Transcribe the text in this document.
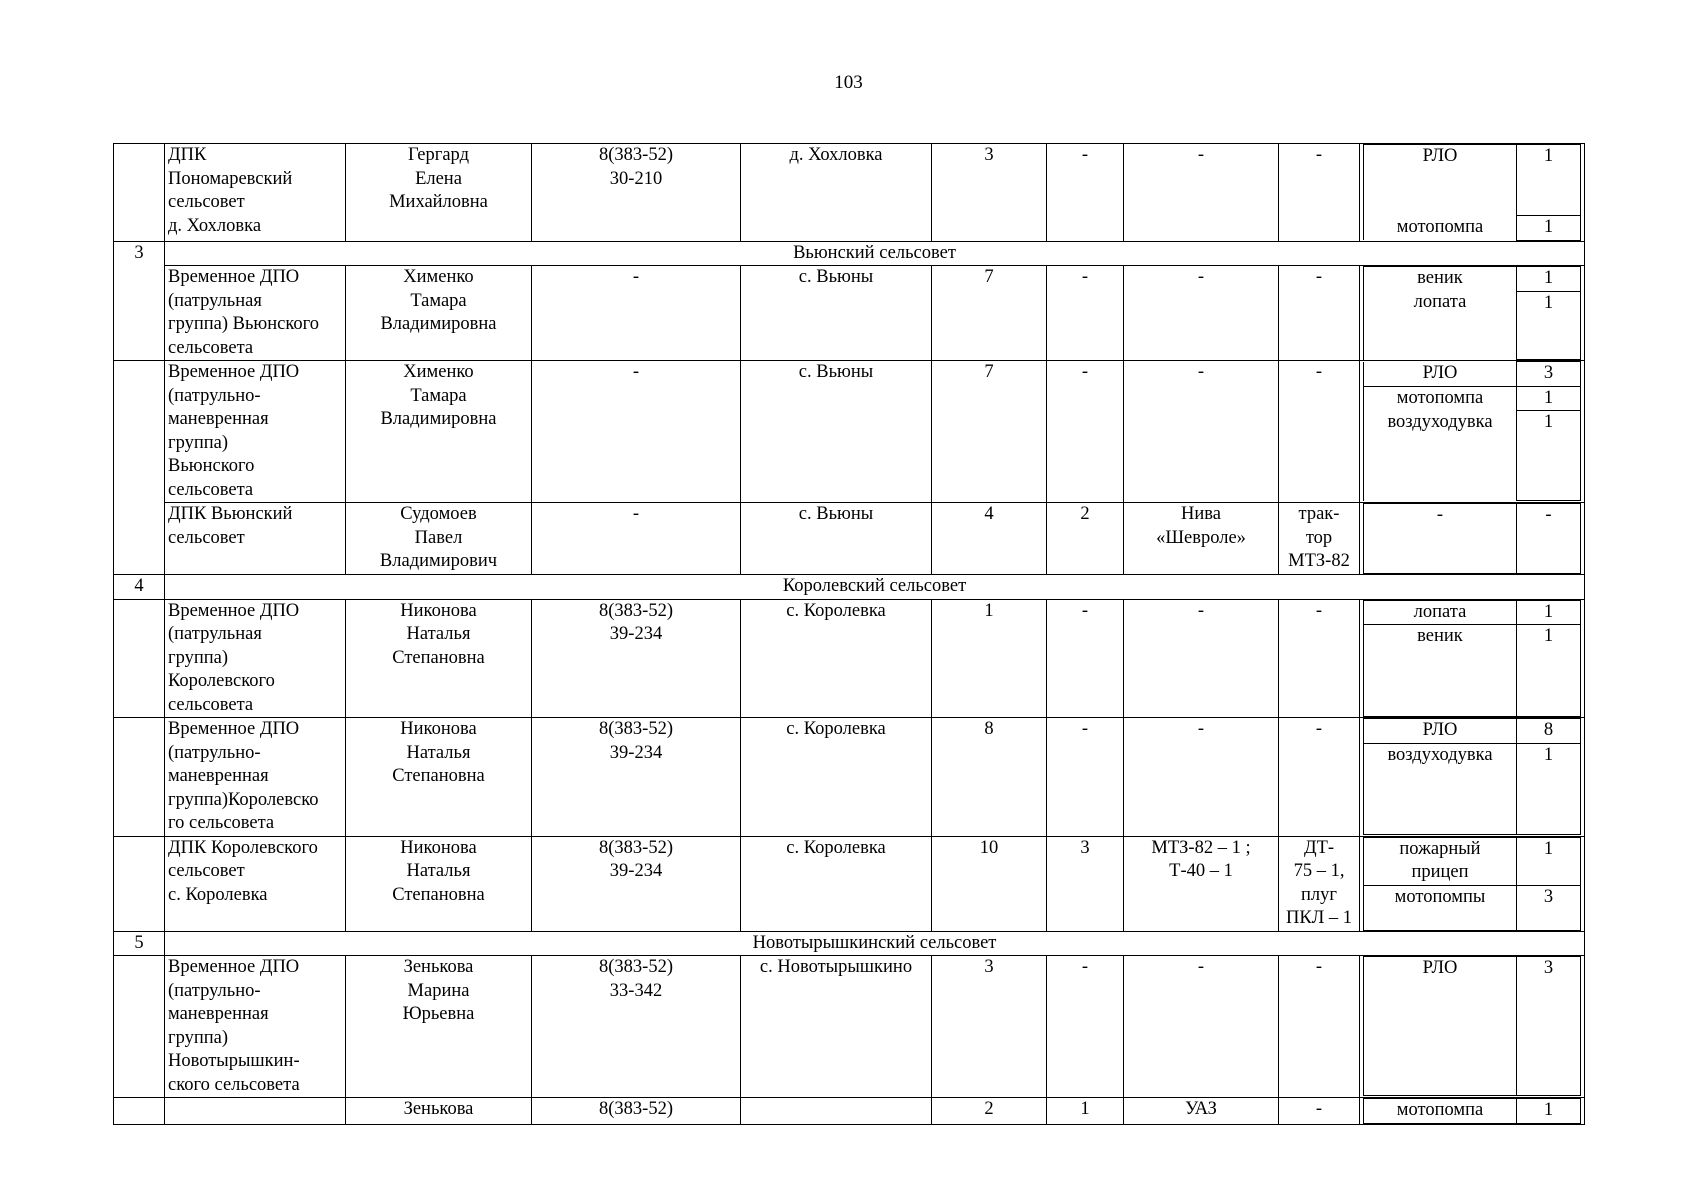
103
	ДПК
Пономаревский
сельсовет
д. Хохловка	Гергард
Елена
Михайловна	8(383-52)
30-210	д. Хохловка	3	-	-	-		РЛО	1
мотопомпа	1

3	Вьюнский сельсовет
	Временное ДПО
(патрульная
группа) Вьюнского
сельсовета	Хименко
Тамара
Владимировна	-	с. Вьюны	7	-	-	-		веник	1
лопата	1

	Временное ДПО
(патрульно-
маневренная
группа)
Вьюнского
сельсовета	Хименко
Тамара
Владимировна	-	с. Вьюны	7	-	-	-		РЛО	3
мотопомпа	1
воздуходувка	1

	ДПК Вьюнский
сельсовет	Судомоев
Павел
Владимирович	-	с. Вьюны	4	2	Нива
«Шевроле»	трак-
тор
МТЗ-82	
-	-

4	Королевский сельсовет
	Временное ДПО
(патрульная
группа)
Королевского
сельсовета	Никонова
Наталья
Степановна	8(383-52)
39-234	с. Королевка	1	-	-	-		лопата	1
веник	1

	Временное ДПО
(патрульно-
маневренная
группа)Королевско
го сельсовета	Никонова
Наталья
Степановна	8(383-52)
39-234	с. Королевка	8	-	-	-		РЛО	8
воздуходувка	1

	ДПК Королевского
сельсовет
с. Королевка	Никонова
Наталья
Степановна	8(383-52)
39-234	с. Королевка	10	3	МТЗ-82 – 1 ;
Т-40 – 1	ДТ-
75 – 1,
плуг
ПКЛ – 1	
пожарный
прицеп	1
мотопомпы	3

5	Новотырышкинский сельсовет
	Временное ДПО
(патрульно-
маневренная
группа)
Новотырышкин-
ского сельсовета	Зенькова
Марина
Юрьевна	8(383-52)
33-342	с. Новотырышкино	3	-	-	-		РЛО	3

		Зенькова	8(383-52)		2	1	УАЗ	-		мотопомпа	1
